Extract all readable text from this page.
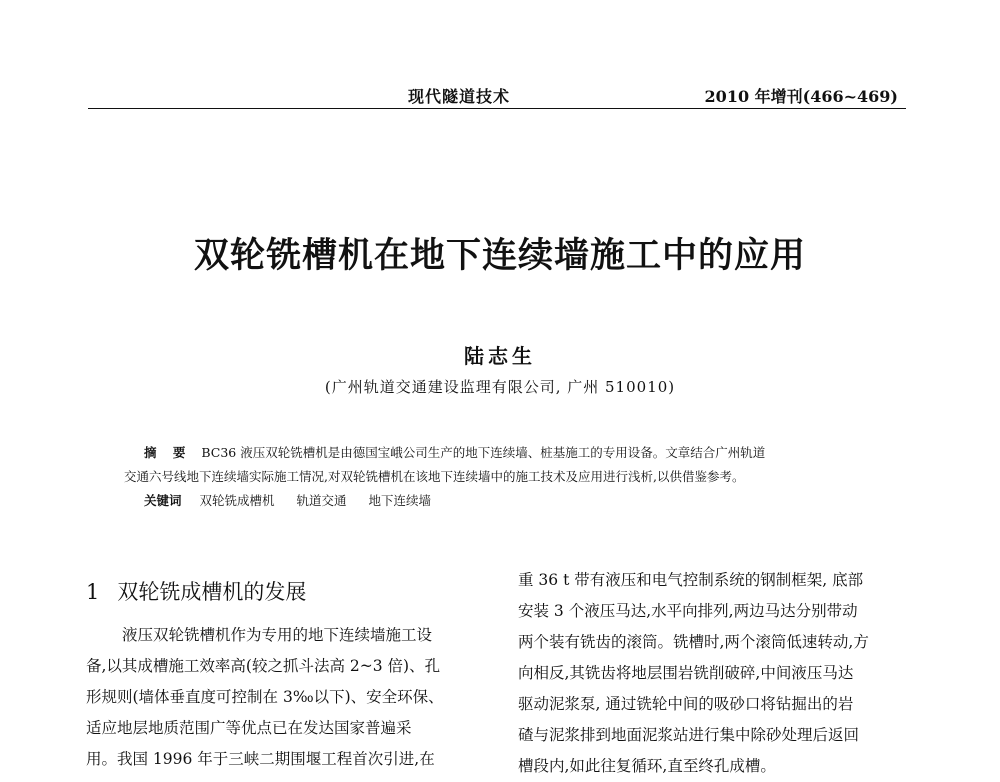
现代隧道技术	2010 年增刊(466~469)
双轮铣槽机在地下连续墙施工中的应用
陆志生
(广州轨道交通建设监理有限公司, 广州 510010)
摘 要 BC36 液压双轮铣槽机是由德国宝峨公司生产的地下连续墙、桩基施工的专用设备。文章结合广州轨道
交通六号线地下连续墙实际施工情况,对双轮铣槽机在该地下连续墙中的施工技术及应用进行浅析,以供借鉴参考。
关键词 双轮铣成槽机 轨道交通 地下连续墙
1 双轮铣成槽机的发展
液压双轮铣槽机作为专用的地下连续墙施工设
备,以其成槽施工效率高(较之抓斗法高 2~3 倍)、孔
形规则(墙体垂直度可控制在 3‰以下)、安全环保、
适应地层地质范围广等优点已在发达国家普遍采
用。我国 1996 年于三峡二期围堰工程首次引进,在
重 36 t 带有液压和电气控制系统的钢制框架, 底部
安装 3 个液压马达,水平向排列,两边马达分别带动
两个装有铣齿的滚筒。铣槽时,两个滚筒低速转动,方
向相反,其铣齿将地层围岩铣削破碎,中间液压马达
驱动泥浆泵, 通过铣轮中间的吸砂口将钻掘出的岩
碴与泥浆排到地面泥浆站进行集中除砂处理后返回
槽段内,如此往复循环,直至终孔成槽。
